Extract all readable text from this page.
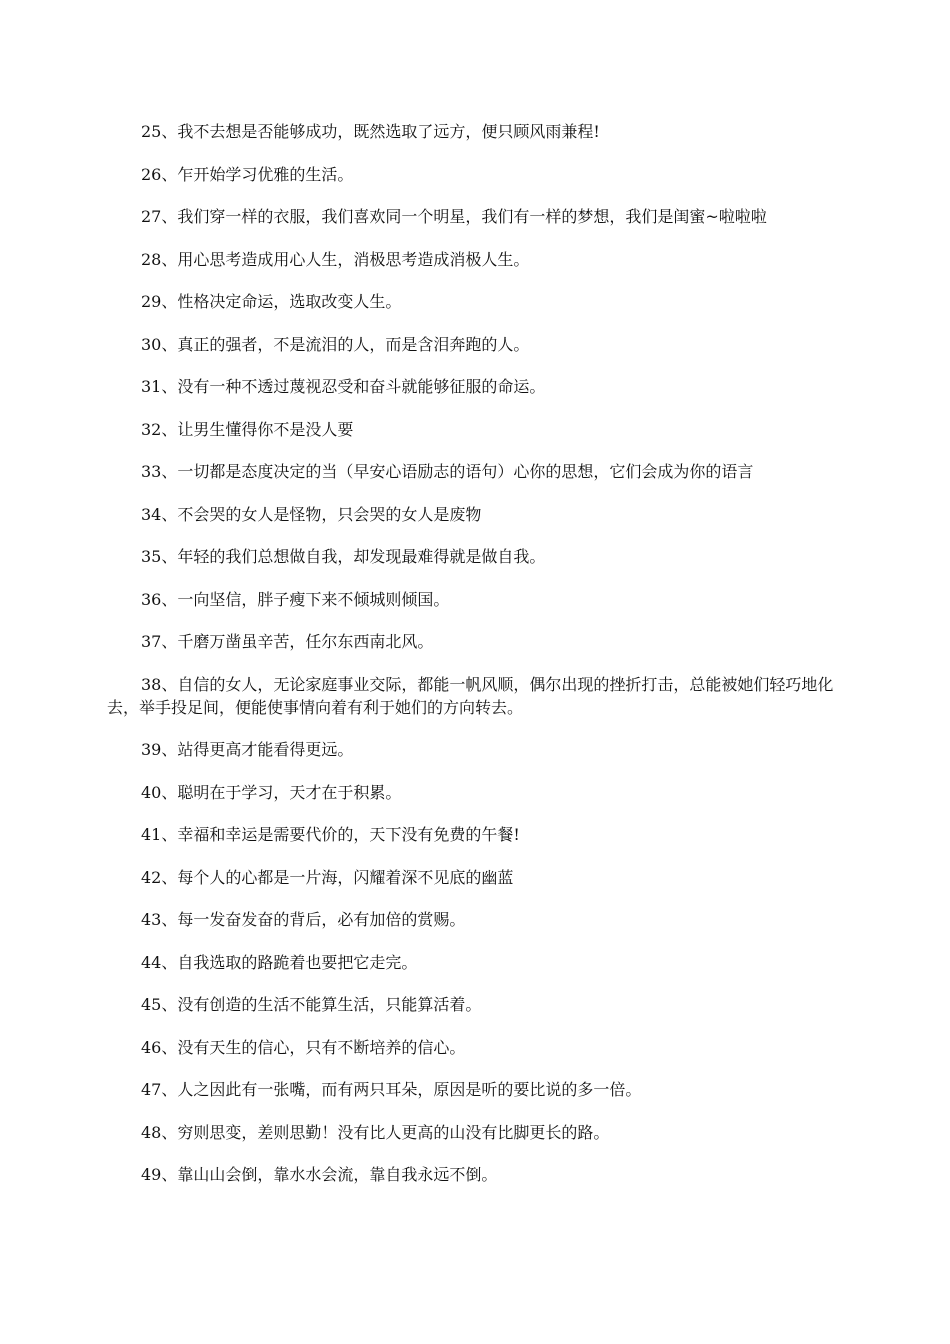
25、我不去想是否能够成功，既然选取了远方，便只顾风雨兼程!

26、乍开始学习优雅的生活。

27、我们穿一样的衣服，我们喜欢同一个明星，我们有一样的梦想，我们是闺蜜~啦啦啦

28、用心思考造成用心人生，消极思考造成消极人生。

29、性格决定命运，选取改变人生。

30、真正的强者，不是流泪的人，而是含泪奔跑的人。

31、没有一种不透过蔑视忍受和奋斗就能够征服的命运。

32、让男生懂得你不是没人要

33、一切都是态度决定的当（早安心语励志的语句）心你的思想，它们会成为你的语言

34、不会哭的女人是怪物，只会哭的女人是废物

35、年轻的我们总想做自我，却发现最难得就是做自我。

36、一向坚信，胖子瘦下来不倾城则倾国。

37、千磨万凿虽辛苦，任尔东西南北风。

38、自信的女人，无论家庭事业交际，都能一帆风顺，偶尔出现的挫折打击，总能被她们轻巧地化去，举手投足间，便能使事情向着有利于她们的方向转去。

39、站得更高才能看得更远。

40、聪明在于学习，天才在于积累。

41、幸福和幸运是需要代价的，天下没有免费的午餐!

42、每个人的心都是一片海，闪耀着深不见底的幽蓝

43、每一发奋发奋的背后，必有加倍的赏赐。

44、自我选取的路跪着也要把它走完。

45、没有创造的生活不能算生活，只能算活着。

46、没有天生的信心，只有不断培养的信心。

47、人之因此有一张嘴，而有两只耳朵，原因是听的要比说的多一倍。

48、穷则思变，差则思勤！没有比人更高的山没有比脚更长的路。

49、靠山山会倒，靠水水会流，靠自我永远不倒。
